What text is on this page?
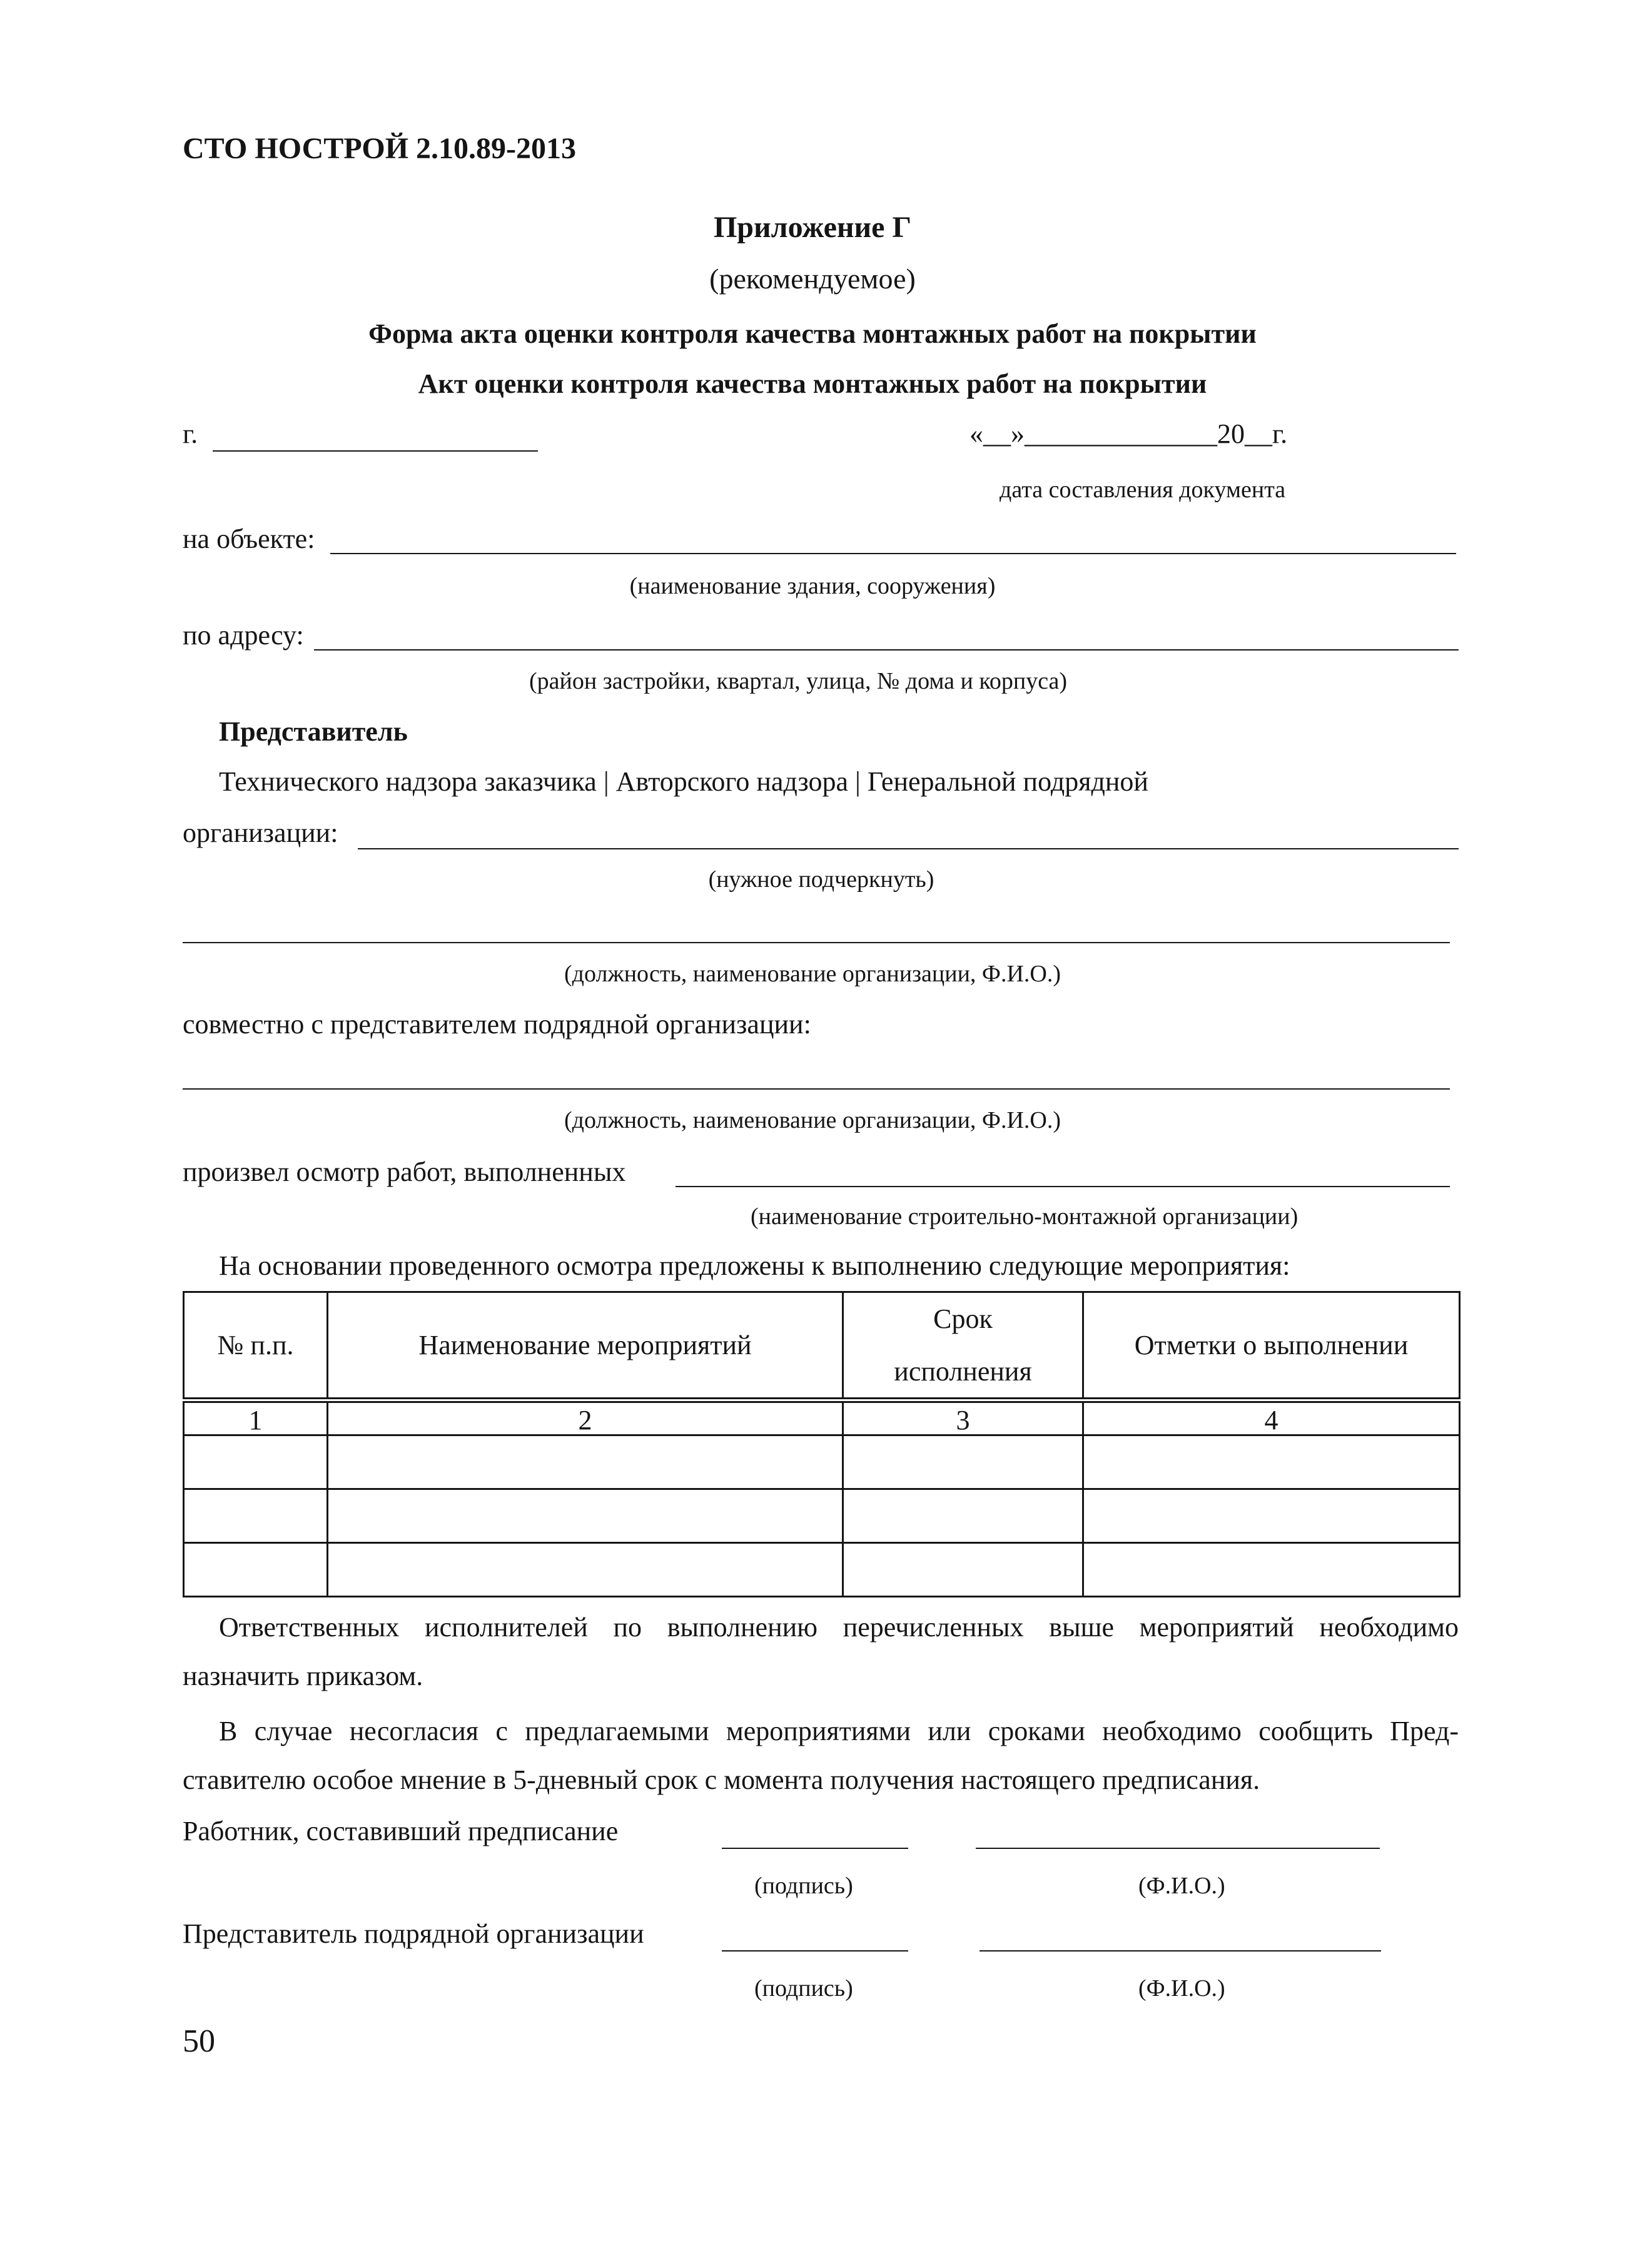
СТО НОСТРОЙ 2.10.89-2013
Приложение Г
(рекомендуемое)
Форма акта оценки контроля качества монтажных работ на покрытии
Акт оценки контроля качества монтажных работ на покрытии
г.	«__»______________20__г.
дата составления документа
на объекте:
(наименование здания, сооружения)
по адресу:
(район застройки, квартал, улица, № дома и корпуса)
Представитель
Технического надзора заказчика | Авторского надзора | Генеральной подрядной
организации:
(нужное подчеркнуть)
(должность, наименование организации, Ф.И.О.)
совместно с представителем подрядной организации:
(должность, наименование организации, Ф.И.О.)
произвел осмотр работ, выполненных
(наименование строительно-монтажной организации)
На основании проведенного осмотра предложены к выполнению следующие мероприятия:
№ п.п.	Наименование мероприятий	Срок исполнения	Отметки о выполнении
1	2	3	4

Ответственных исполнителей по выполнению перечисленных выше мероприятий необходимо
назначить приказом.
В случае несогласия с предлагаемыми мероприятиями или сроками необходимо сообщить Пред-
ставителю особое мнение в 5-дневный срок с момента получения настоящего предписания.
Работник, составивший предписание
(подпись)	(Ф.И.О.)
Представитель подрядной организации
(подпись)	(Ф.И.О.)
50
